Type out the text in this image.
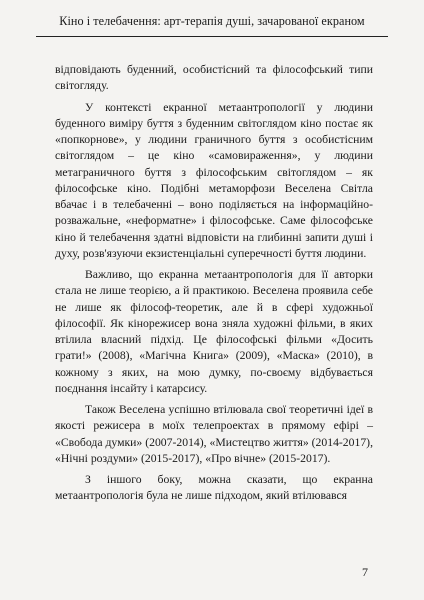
Кіно і телебачення: арт-терапія душі, зачарованої екраном

відповідають буденний, особистісний та філософський типи світогляду.

У контексті екранної метаантропології у людини буденного виміру буття з буденним світоглядом кіно постає як «попкорнове», у людини граничного буття з особистісним світоглядом – це кіно «самовираження», у людини метаграничного буття з філософським світоглядом – як філософське кіно. Подібні метаморфози Веселена Світла вбачає і в телебаченні – воно поділяється на інформаційно-розважальне, «неформатне» і філософське. Саме філософське кіно й телебачення здатні відповісти на глибинні запити душі і духу, розв'язуючи екзистенціальні суперечності буття людини.

Важливо, що екранна метаантропологія для її авторки стала не лише теорією, а й практикою. Веселена проявила себе не лише як філософ-теоретик, але й в сфері художньої філософії. Як кінорежисер вона зняла художні фільми, в яких втілила власний підхід. Це філософські фільми «Досить грати!» (2008), «Магічна Книга» (2009), «Маска» (2010), в кожному з яких, на мою думку, по-своєму відбувається поєднання інсайту і катарсису.

Також Веселена успішно втілювала свої теоретичні ідеї в якості режисера в моїх телепроектах в прямому ефірі – «Свобода думки» (2007-2014), «Мистецтво життя» (2014-2017), «Нічні роздуми» (2015-2017), «Про вічне» (2015-2017).

З іншого боку, можна сказати, що екранна метаантропологія була не лише підходом, який втілювався

7
